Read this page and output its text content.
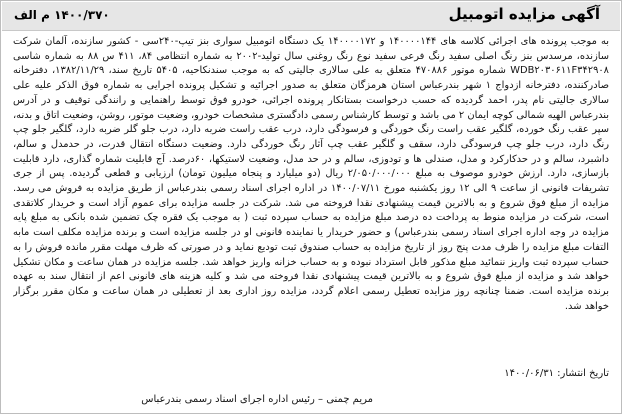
آگهی مزایده اتومبیل
۱۴۰۰/۳۷۰ م الف

به موجب پرونده های اجرائی کلاسه های ۱۴۰۰۰۰۱۴۴ و ۱۴۰۰۰۰۱۷۲ یک دستگاه اتومبیل سواری بنز تیپ-۲۴۰سی - کشور سازنده، آلمان شرکت سازنده، مرسدس بنز رنگ اصلی سفید رنگ فرعی سفید نوع رنگ روغنی سال تولید-۲۰۰۲ به شماره انتظامی ۸۴، ۴۱۱ س ۸۸ به شماره شاسی WDB۲۰۳۰۶۱۱F۳۴۲۹۰۸ شماره موتور ۴۷۰۸۸۶ متعلق به علی سالاری جالیتی که به موجب سندنکاحیه، ۵۴۰۵ تاریخ سند، ۱۳۸۲/۱۱/۲۹، دفترخانه صادرکننده، دفترخانه ازدواج ۱ شهر بندرعباس استان هرمزگان متعلق به صدور اجرائیه و تشکیل پرونده اجرایی به شماره فوق الذکر علیه علی سالاری جالیتی نام پدر، احمد گردیده که حسب درخواست بستانکار پرونده اجرائی، خودرو فوق توسط راهنمایی و رانندگی توقیف و در آدرس بندرعباس الهیه شمالی کوچه ایمان ۲ می باشد و توسط کارشناس رسمی دادگستری مشخصات خودرو، وضعیت موتور، روشن، وضعیت اتاق و بدنه، سپر عقب رنگ خورده، گلگیر عقب راست رنگ خوردگی و فرسودگی دارد، درب عقب راست ضربه دارد، درب جلو گلر ضربه دارد، گلگیر جلو چپ رنگ دارد، درب جلو چپ فرسودگی دارد، سقف و گلگیر عقب چپ آثار رنگ خوردگی دارد. وضعیت دستگاه انتقال قدرت، در حدمدل و سالم، داشبرد، سالم و در حدکارکرد و مدل، صندلی ها و تودوزی، سالم و در حد مدل، وضعیت لاستیکها، ۶۰درصد. آج قابلیت شماره گذاری، دارد قابلیت بازسازی، دارد. ارزش خودرو موصوف به مبلغ ۲/۰۵۰/۰۰۰/۰۰۰ ریال (دو میلیارد و پنجاه میلیون تومان) ارزیابی و قطعی گردیده. پس از جری تشریفات قانونی از ساعت ۹ الی ۱۲ روز یکشنبه مورخ ۱۴۰۰/۰۷/۱۱ در اداره اجرای اسناد رسمی بندرعباس از طریق مزایده به فروش می رسد. مزایده از مبلغ فوق شروع و به بالاترین قیمت پیشنهادی نقدا فروخته می شد. شرکت در جلسه مزایده برای عموم آزاد است و خریدار کلاتقدی است، شرکت در مزایده منوط به پرداخت ده درصد مبلغ مزایده به حساب سپرده ثبت ( به موجب یک فقره چک تضمین شده بانکی به مبلغ پایه مزایده در وجه اداره اجرای اسناد رسمی بندرعباس) و حضور خریدار یا نماینده قانونی او در جلسه مزایده است و برنده مزایده مکلف است مابه التفات مبلغ مزایده را ظرف مدت پنج روز از تاریخ مزایده به حساب صندوق ثبت تودیع نماید و در صورتی که ظرف مهلت مقرر مانده فروش را به حساب سپرده ثبت واریز ننمائید مبلغ مذکور قابل استرداد نبوده و به حساب خزانه واریز خواهد شد. جلسه مزایده در همان ساعت و مکان تشکیل خواهد شد و مزایده از مبلغ فوق شروع و به بالاترین قیمت پیشنهادی نقدا فروخته می شد و کلیه هزینه های قانونی اعم از انتقال سند به عهده برنده مزایده است. ضمنا چنانچه روز مزایده تعطیل رسمی اعلام گردد، مزایده روز اداری بعد از تعطیلی در همان ساعت و مکان مقرر برگزار خواهد شد.

تاریخ انتشار: ۱۴۰۰/۰۶/۳۱
مریم چمنی – رئیس اداره اجرای اسناد رسمی بندرعباس
